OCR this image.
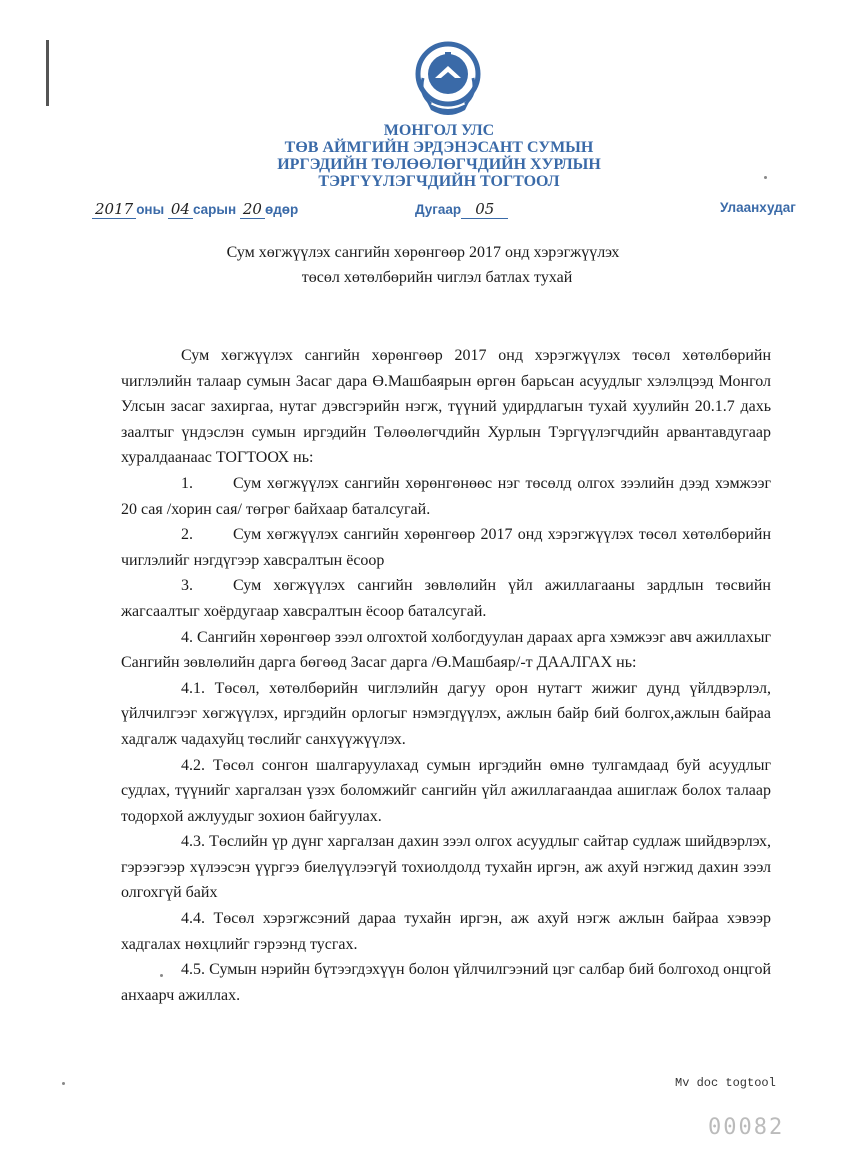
МОНГОЛ УЛС
ТӨВ АЙМГИЙН ЭРДЭНЭСАНТ СУМЫН
ИРГЭДИЙН ТӨЛӨӨЛӨГЧДИЙН ХУРЛЫН
ТЭРГҮҮЛЭГЧДИЙН ТОГТООЛ
2017 оны 04 сарын 20 өдөр	Дугаар 05	Улаанхудаг
Сум хөгжүүлэх сангийн хөрөнгөөр 2017 онд хэрэгжүүлэх
төсөл хөтөлбөрийн чиглэл батлах тухай

Сум хөгжүүлэх сангийн хөрөнгөөр 2017 онд хэрэгжүүлэх төсөл хөтөлбөрийн чиглэлийн талаар сумын Засаг дара Ө.Машбаярын өргөн барьсан асуудлыг хэлэлцээд Монгол Улсын засаг захиргаа, нутаг дэвсгэрийн нэгж, түүний удирдлагын тухай хуулийн 20.1.7 дахь заалтыг үндэслэн сумын иргэдийн Төлөөлөгчдийн Хурлын Тэргүүлэгчдийн арвантавдугаар хуралдаанаас ТОГТООХ нь:

1.	Сум хөгжүүлэх сангийн хөрөнгөнөөс нэг төсөлд олгох зээлийн дээд хэмжээг 20 сая /хорин сая/ төгрөг байхаар баталсугай.

2.	Сум хөгжүүлэх сангийн хөрөнгөөр 2017 онд хэрэгжүүлэх төсөл хөтөлбөрийн чиглэлийг нэгдүгээр хавсралтын ёсоор

3.	Сум хөгжүүлэх сангийн зөвлөлийн үйл ажиллагааны зардлын төсвийн жагсаалтыг хоёрдугаар хавсралтын ёсоор баталсугай.

4. Сангийн хөрөнгөөр зээл олгохтой холбогдуулан дараах арга хэмжээг авч ажиллахыг Сангийн зөвлөлийн дарга бөгөөд Засаг дарга /Ө.Машбаяр/-т ДААЛГАХ нь:

4.1. Төсөл, хөтөлбөрийн чиглэлийн дагуу орон нутагт жижиг дунд үйлдвэрлэл, үйлчилгээг хөгжүүлэх, иргэдийн орлогыг нэмэгдүүлэх, ажлын байр бий болгох,ажлын байраа хадгалж чадахуйц төслийг санхүүжүүлэх.

4.2. Төсөл сонгон шалгаруулахад сумын иргэдийн өмнө тулгамдаад буй асуудлыг судлах, түүнийг харгалзан үзэх боломжийг сангийн үйл ажиллагаандаа ашиглаж болох талаар тодорхой ажлуудыг зохион байгуулах.

4.3. Төслийн үр дүнг харгалзан дахин зээл олгох асуудлыг сайтар судлаж шийдвэрлэх, гэрээгээр хүлээсэн үүргээ биелүүлээгүй тохиолдолд тухайн иргэн, аж ахуй нэгжид дахин зээл олгохгүй байх

4.4. Төсөл хэрэгжсэний дараа тухайн иргэн, аж ахуй нэгж ажлын байраа хэвээр хадгалах нөхцлийг гэрээнд тусгах.

4.5. Сумын нэрийн бүтээгдэхүүн болон үйлчилгээний цэг салбар бий болгоход онцгой анхаарч ажиллах.

Mv doc togtool
00082
